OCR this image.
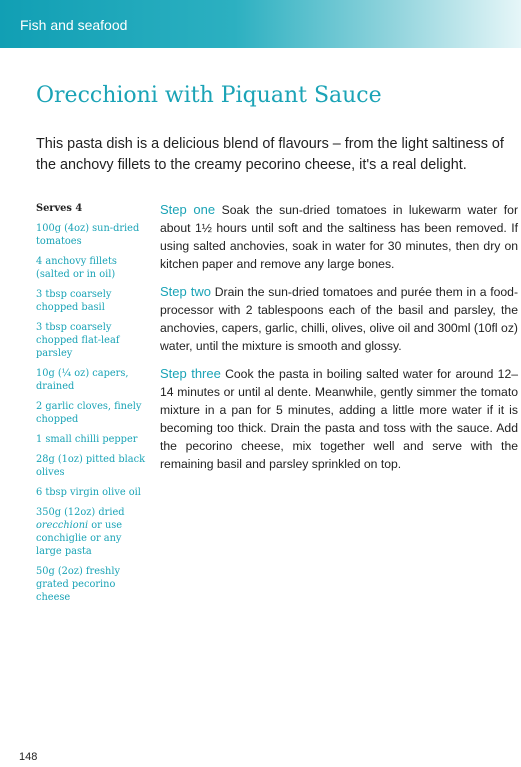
Fish and seafood
Orecchioni with Piquant Sauce

This pasta dish is a delicious blend of flavours – from the light saltiness of the anchovy fillets to the creamy pecorino cheese, it's a real delight.

Serves 4
100g (4oz) sun-dried tomatoes
4 anchovy fillets (salted or in oil)
3 tbsp coarsely chopped basil
3 tbsp coarsely chopped flat-leaf parsley
10g (¼ oz) capers, drained
2 garlic cloves, finely chopped
1 small chilli pepper
28g (1oz) pitted black olives
6 tbsp virgin olive oil
350g (12oz) dried orecchioni or use conchiglie or any large pasta
50g (2oz) freshly grated pecorino cheese

Step one Soak the sun-dried tomatoes in lukewarm water for about 1½ hours until soft and the saltiness has been removed. If using salted anchovies, soak in water for 30 minutes, then dry on kitchen paper and remove any large bones.

Step two Drain the sun-dried tomatoes and purée them in a food-processor with 2 tablespoons each of the basil and parsley, the anchovies, capers, garlic, chilli, olives, olive oil and 300ml (10fl oz) water, until the mixture is smooth and glossy.

Step three Cook the pasta in boiling salted water for around 12–14 minutes or until al dente. Meanwhile, gently simmer the tomato mixture in a pan for 5 minutes, adding a little more water if it is becoming too thick. Drain the pasta and toss with the sauce. Add the pecorino cheese, mix together well and serve with the remaining basil and parsley sprinkled on top.

148
